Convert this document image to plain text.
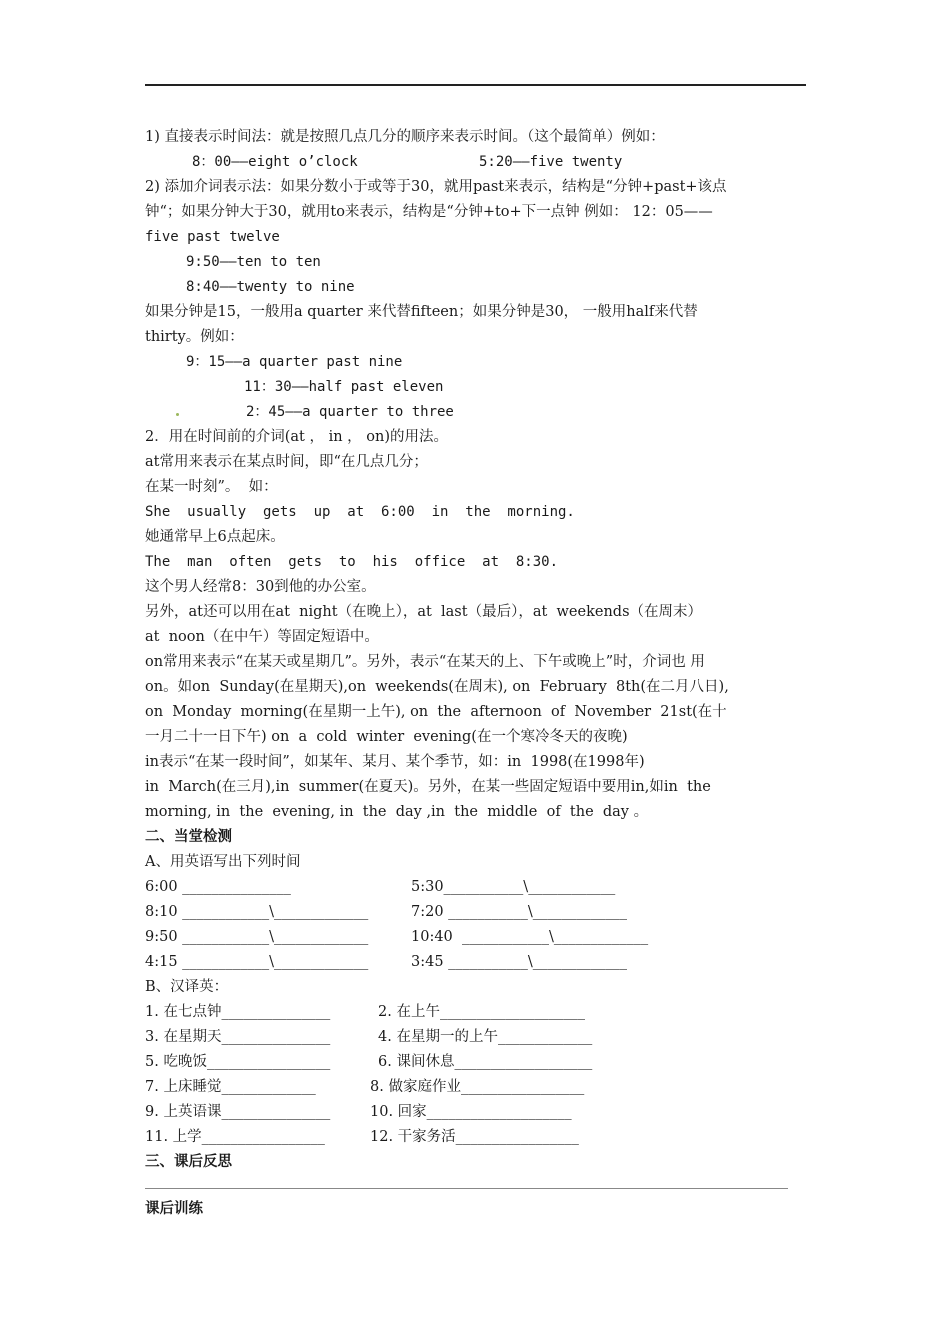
1) 直接表示时间法：就是按照几点几分的顺序来表示时间。（这个最简单）例如：
8：00——eight o’clock	5:20——five twenty
2) 添加介词表示法：如果分数小于或等于30，就用past来表示，结构是“分钟+past+该点
钟“；如果分钟大于30，就用to来表示，结构是“分钟+to+下一点钟 例如： 12：05——
five past twelve
9:50——ten to ten
8:40——twenty to nine
如果分钟是15，一般用a quarter 来代替fifteen；如果分钟是30， 一般用half来代替
thirty。例如：
9：15——a quarter past nine
11：30——half past eleven
2：45——a quarter to three
2．用在时间前的介词(at ， in ， on)的用法。
at常用来表示在某点时间，即“在几点几分；
在某一时刻”。  如：
She  usually  gets  up  at  6:00  in  the  morning.
她通常早上6点起床。
The  man  often  gets  to  his  office  at  8:30.
这个男人经常8：30到他的办公室。
另外，at还可以用在at  night（在晚上），at  last（最后），at  weekends（在周末）
at  noon（在中午）等固定短语中。
on常用来表示“在某天或星期几”。另外，表示“在某天的上、下午或晚上”时，介词也 用
on。如on  Sunday(在星期天),on  weekends(在周末), on  February  8th(在二月八日),
on  Monday  morning(在星期一上午), on  the  afternoon  of  November  21st(在十
一月二十一日下午) on  a  cold  winter  evening(在一个寒冷冬天的夜晚)
in表示“在某一段时间”，如某年、某月、某个季节，如：in  1998(在1998年)
in  March(在三月),in  summer(在夏天)。另外，在某一些固定短语中要用in,如in  the
morning, in  the  evening, in  the  day ,in  the  middle  of  the  day 。
二、当堂检测
A、用英语写出下列时间
6:00 _______________	5:30___________\____________
8:10 ____________\_____________	7:20 ___________\_____________
9:50 ____________\_____________	10:40  ____________\_____________
4:15 ____________\_____________	3:45 ___________\_____________
B、汉译英：
1. 在七点钟_______________	2. 在上午____________________
3. 在星期天_______________	4. 在星期一的上午_____________
5. 吃晚饭_________________	6. 课间休息___________________
7. 上床睡觉_____________	8. 做家庭作业_________________
9. 上英语课_______________	10. 回家____________________
11. 上学_________________	12. 干家务活_________________
三、课后反思
课后训练
